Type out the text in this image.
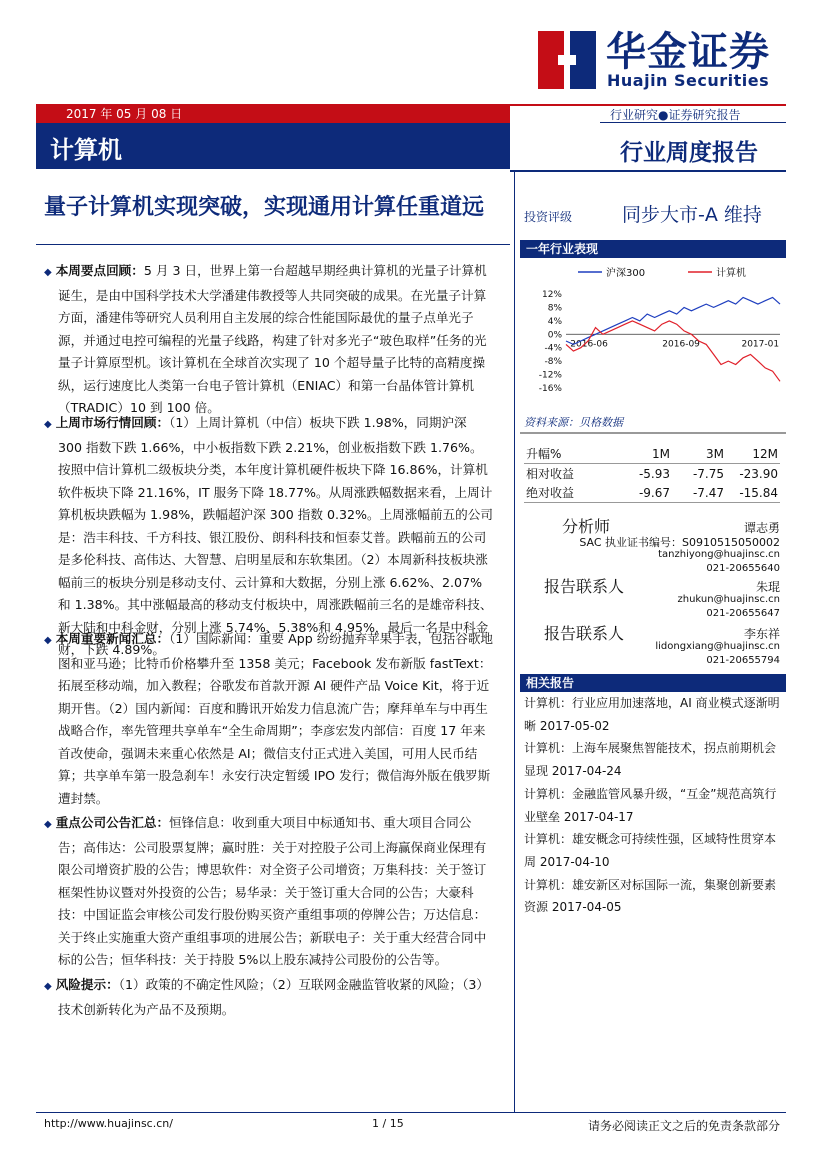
华金证券
Huajin Securities
2017 年 05 月 08 日	行业研究●证券研究报告
计算机	行业周度报告
量子计算机实现突破，实现通用计算任重道远

◆ 本周要点回顾：5 月 3 日，世界上第一台超越早期经典计算机的光量子计算机诞生，是由中国科学技术大学潘建伟教授等人共同突破的成果。在光量子计算方面，潘建伟等研究人员利用自主发展的综合性能国际最优的量子点单光子源，并通过电控可编程的光量子线路，构建了针对多光子“玻色取样”任务的光量子计算原型机。该计算机在全球首次实现了 10 个超导量子比特的高精度操纵，运行速度比人类第一台电子管计算机（ENIAC）和第一台晶体管计算机（TRADIC）10 到 100 倍。

◆ 上周市场行情回顾：（1）上周计算机（中信）板块下跌 1.98%，同期沪深 300 指数下跌 1.66%，中小板指数下跌 2.21%，创业板指数下跌 1.76%。按照中信计算机二级板块分类，本年度计算机硬件板块下降 16.86%，计算机软件板块下降 21.16%，IT 服务下降 18.77%。从周涨跌幅数据来看，上周计算机板块跌幅为 1.98%，跌幅超沪深 300 指数 0.32%。上周涨幅前五的公司是：浩丰科技、千方科技、银江股份、朗科科技和恒泰艾普。跌幅前五的公司是多伦科技、高伟达、大智慧、启明星辰和东软集团。（2）本周新科技板块涨幅前三的板块分别是移动支付、云计算和大数据，分别上涨 6.62%、2.07%和 1.38%。其中涨幅最高的移动支付板块中，周涨跌幅前三名的是雄帝科技、新大陆和中科金财，分别上涨 5.74%、5.38%和 4.95%，最后一名是中科金财，下跌 4.89%。

◆ 本周重要新闻汇总：（1）国际新闻：重要 App 纷纷抛弃苹果手表，包括谷歌地图和亚马逊；比特币价格攀升至 1358 美元；Facebook 发布新版 fastText：拓展至移动端，加入教程；谷歌发布首款开源 AI 硬件产品 Voice Kit，将于近期开售。（2）国内新闻：百度和腾讯开始发力信息流广告；摩拜单车与中再生战略合作，率先管理共享单车“全生命周期”；李彦宏发内部信：百度 17 年来首改使命，强调未来重心依然是 AI；微信支付正式进入美国，可用人民币结算；共享单车第一股急刹车！永安行决定暂缓 IPO 发行；微信海外版在俄罗斯遭封禁。

◆ 重点公司公告汇总：恒锋信息：收到重大项目中标通知书、重大项目合同公告；高伟达：公司股票复牌；赢时胜：关于对控股子公司上海赢保商业保理有限公司增资扩股的公告；博思软件：对全资子公司增资；万集科技：关于签订框架性协议暨对外投资的公告；易华录：关于签订重大合同的公告；大豪科技：中国证监会审核公司发行股份购买资产重组事项的停牌公告；万达信息：关于终止实施重大资产重组事项的进展公告；新联电子：关于重大经营合同中标的公告；恒华科技：关于持股 5%以上股东减持公司股份的公告等。

◆ 风险提示：（1）政策的不确定性风险；（2）互联网金融监管收紧的风险；（3）技术创新转化为产品不及预期。

投资评级	同步大市-A 维持
一年行业表现
沪深300	计算机
12%
8%
4%
0%
-4%
-8%
-12%
-16%
2016-06	2016-09	2017-01
资料来源：贝格数据
升幅%	1M	3M	12M
相对收益	-5.93	-7.75	-23.90
绝对收益	-9.67	-7.47	-15.84
分析师	谭志勇
SAC 执业证书编号：S0910515050002
tanzhiyong@huajinsc.cn
021-20655640
报告联系人	朱琨
zhukun@huajinsc.cn
021-20655647
报告联系人	李东祥
lidongxiang@huajinsc.cn
021-20655794
相关报告
计算机：行业应用加速落地，AI 商业模式逐渐明晰 2017-05-02
计算机：上海车展聚焦智能技术，拐点前期机会显现 2017-04-24
计算机：金融监管风暴升级，“互金”规范高筑行业壁垒 2017-04-17
计算机：雄安概念可持续性强，区域特性贯穿本周 2017-04-10
计算机：雄安新区对标国际一流，集聚创新要素资源 2017-04-05
http://www.huajinsc.cn/	1 / 15	请务必阅读正文之后的免责条款部分
